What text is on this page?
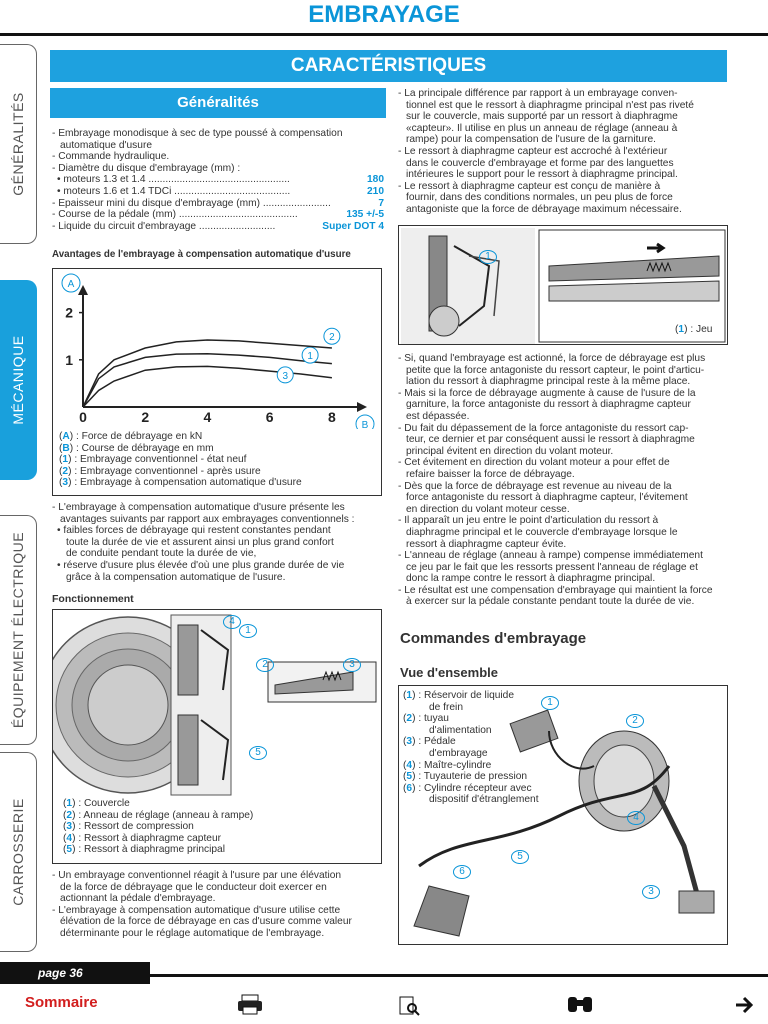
EMBRAYAGE
GÉNÉRALITÉS
MÉCANIQUE
ÉQUIPEMENT ÉLECTRIQUE
CARROSSERIE
CARACTÉRISTIQUES
Généralités

- Embrayage monodisque à sec de type poussé à compensation

automatique d'usure

- Commande hydraulique.

- Diamètre du disque d'embrayage (mm) :

• moteurs 1.3 et 1.4 ..................................................	180
• moteurs 1.6 et 1.4 TDCi .........................................	210
- Epaisseur mini du disque d'embrayage (mm) ........................	7
- Course de la pédale (mm) ..........................................	135 +/-5
- Liquide du circuit d'embrayage ...........................	Super DOT 4
Avantages de l'embrayage à compensation automatique d'usure
0	2	4	6	8
1
2
1
2
3
A
B
(A) : Force de débrayage en kN
(B) : Course de débrayage en mm
(1) : Embrayage conventionnel - état neuf
(2) : Embrayage conventionnel - après usure
(3) : Embrayage à compensation automatique d'usure

- L'embrayage à compensation automatique d'usure présente les

avantages suivants par rapport aux embrayages conventionnels :

• faibles forces de débrayage qui restent constantes pendant

toute la durée de vie et assurent ainsi un plus grand confort

de conduite pendant toute la durée de vie,

• réserve d'usure plus élevée d'où une plus grande durée de vie

grâce à la compensation automatique de l'usure.

Fonctionnement
4
1
2	3
5
(1) : Couvercle
(2) : Anneau de réglage (anneau à rampe)
(3) : Ressort de compression
(4) : Ressort à diaphragme capteur
(5) : Ressort à diaphragme principal

- Un embrayage conventionnel réagit à l'usure par une élévation

de la force de débrayage que le conducteur doit exercer en

actionnant la pédale d'embrayage.

- L'embrayage à compensation automatique d'usure utilise cette

élévation de la force de débrayage en cas d'usure comme valeur

déterminante pour le réglage automatique de l'embrayage.

- La principale différence par rapport à un embrayage conven-

tionnel est que le ressort à diaphragme principal n'est pas riveté

sur le couvercle, mais supporté par un ressort à diaphragme

«capteur». Il utilise en plus un anneau de réglage (anneau à

rampe) pour la compensation de l'usure de la garniture.

- Le ressort à diaphragme capteur est accroché à l'extérieur

dans le couvercle d'embrayage et forme par des languettes

intérieures le support pour le ressort à diaphragme principal.

- Le ressort à diaphragme capteur est conçu de manière à

fournir, dans des conditions normales, un peu plus de force

antagoniste que la force de débrayage maximum nécessaire.

1
(1) : Jeu

- Si, quand l'embrayage est actionné, la force de débrayage est plus

petite que la force antagoniste du ressort capteur, le point d'articu-

lation du ressort à diaphragme principal reste à la même place.

- Mais si la force de débrayage augmente à cause de l'usure de la

garniture, la force antagoniste du ressort à diaphragme capteur

est dépassée.

- Du fait du dépassement de la force antagoniste du ressort cap-

teur, ce dernier et par conséquent aussi le ressort à diaphragme

principal évitent en direction du volant moteur.

- Cet évitement en direction du volant moteur a pour effet de

refaire baisser la force de débrayage.

- Dès que la force de débrayage est revenue au niveau de la

force antagoniste du ressort à diaphragme capteur, l'évitement

en direction du volant moteur cesse.

- Il apparaît un jeu entre le point d'articulation du ressort à

diaphragme principal et le couvercle d'embrayage lorsque le

ressort à diaphragme capteur évite.

- L'anneau de réglage (anneau à rampe) compense immédiatement

ce jeu par le fait que les ressorts pressent l'anneau de réglage et

donc la rampe contre le ressort à diaphragme principal.

- Le résultat est une compensation d'embrayage qui maintient la force

à exercer sur la pédale constante pendant toute la durée de vie.

Commandes d'embrayage
Vue d'ensemble
(1) : Réservoir de liquide
de frein
(2) : tuyau
d'alimentation
(3) : Pédale
d'embrayage
(4) : Maître-cylindre
(5) : Tuyauterie de pression
(6) : Cylindre récepteur avec
dispositif d'étranglement
1
2
4
5
6
3
page 36
Sommaire
